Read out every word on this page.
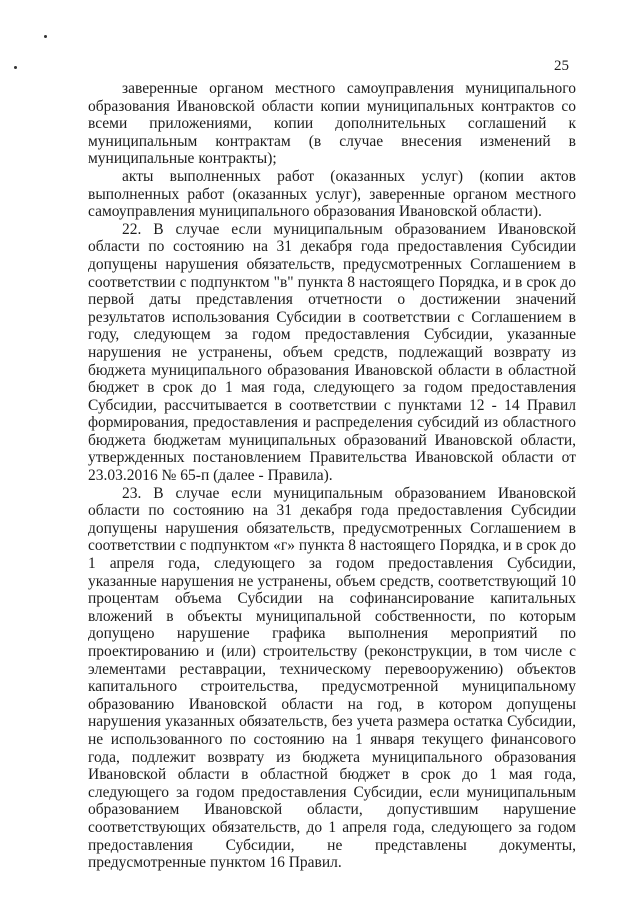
25

заверенные органом местного самоуправления муниципального образования Ивановской области копии муниципальных контрактов со всеми приложениями, копии дополнительных соглашений к муниципальным контрактам (в случае внесения изменений в муниципальные контракты);

акты выполненных работ (оказанных услуг) (копии актов выполненных работ (оказанных услуг), заверенные органом местного самоуправления муниципального образования Ивановской области).

22. В случае если муниципальным образованием Ивановской области по состоянию на 31 декабря года предоставления Субсидии допущены нарушения обязательств, предусмотренных Соглашением в соответствии с подпунктом "в" пункта 8 настоящего Порядка, и в срок до первой даты представления отчетности о достижении значений результатов использования Субсидии в соответствии с Соглашением в году, следующем за годом предоставления Субсидии, указанные нарушения не устранены, объем средств, подлежащий возврату из бюджета муниципального образования Ивановской области в областной бюджет в срок до 1 мая года, следующего за годом предоставления Субсидии, рассчитывается в соответствии с пунктами 12 - 14 Правил формирования, предоставления и распределения субсидий из областного бюджета бюджетам муниципальных образований Ивановской области, утвержденных постановлением Правительства Ивановской области от 23.03.2016 № 65-п (далее - Правила).

23. В случае если муниципальным образованием Ивановской области по состоянию на 31 декабря года предоставления Субсидии допущены нарушения обязательств, предусмотренных Соглашением в соответствии с подпунктом «г» пункта 8 настоящего Порядка, и в срок до 1 апреля года, следующего за годом предоставления Субсидии, указанные нарушения не устранены, объем средств, соответствующий 10 процентам объема Субсидии на софинансирование капитальных вложений в объекты муниципальной собственности, по которым допущено нарушение графика выполнения мероприятий по проектированию и (или) строительству (реконструкции, в том числе с элементами реставрации, техническому перевооружению) объектов капитального строительства, предусмотренной муниципальному образованию Ивановской области на год, в котором допущены нарушения указанных обязательств, без учета размера остатка Субсидии, не использованного по состоянию на 1 января текущего финансового года, подлежит возврату из бюджета муниципального образования Ивановской области в областной бюджет в срок до 1 мая года, следующего за годом предоставления Субсидии, если муниципальным образованием Ивановской области, допустившим нарушение соответствующих обязательств, до 1 апреля года, следующего за годом предоставления Субсидии, не представлены документы, предусмотренные пунктом 16 Правил.
